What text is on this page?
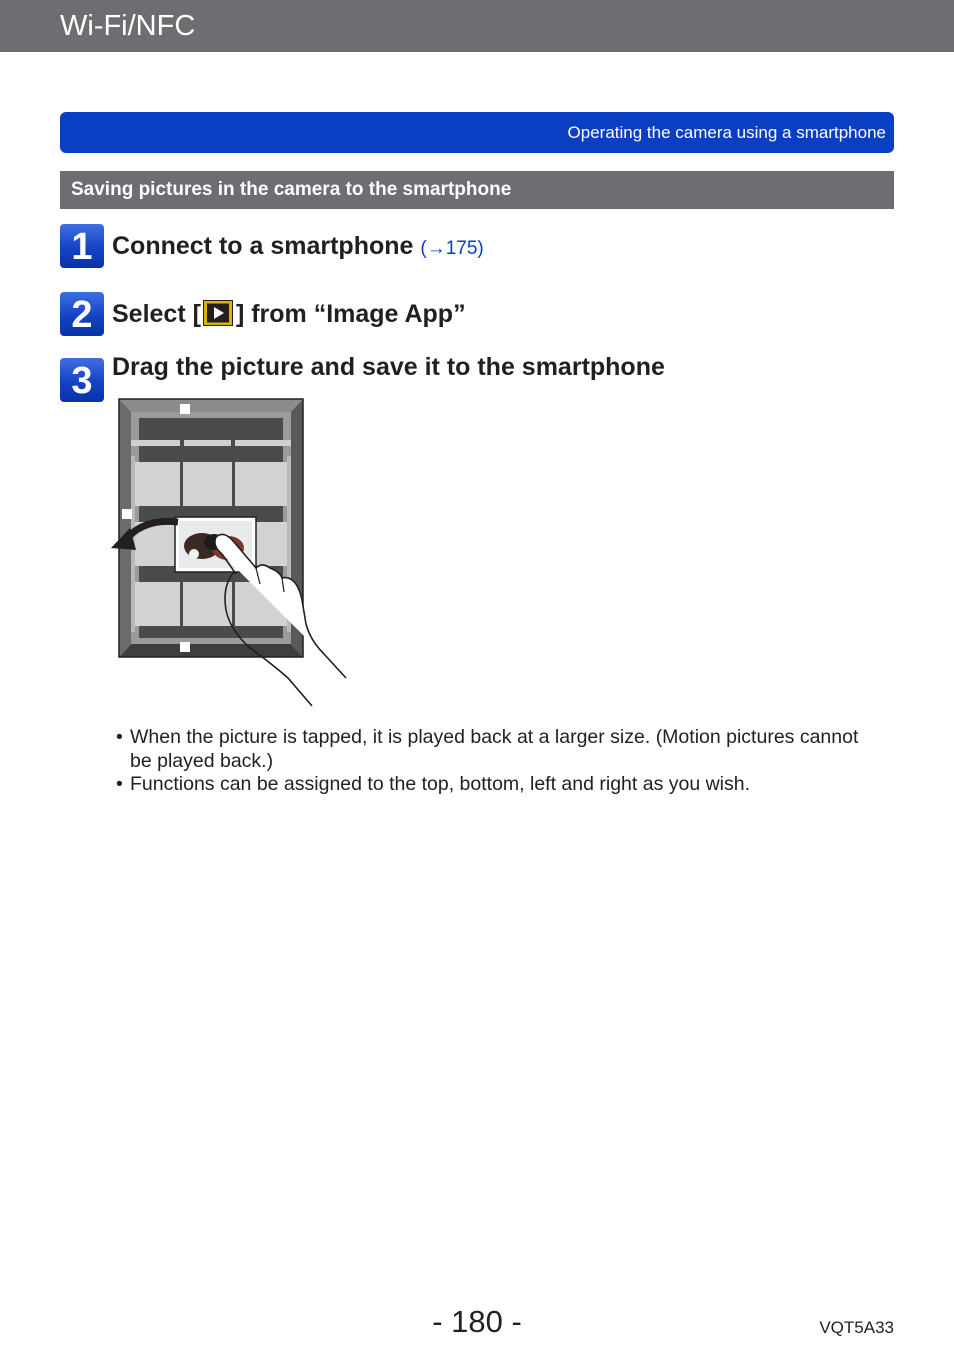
Wi-Fi/NFC
Operating the camera using a smartphone
Saving pictures in the camera to the smartphone
1 Connect to a smartphone (→175)
2 Select [ ] from “Image App”
3 Drag the picture and save it to the smartphone
• When the picture is tapped, it is played back at a larger size. (Motion pictures cannot be played back.)
• Functions can be assigned to the top, bottom, left and right as you wish.
- 180 -	VQT5A33
